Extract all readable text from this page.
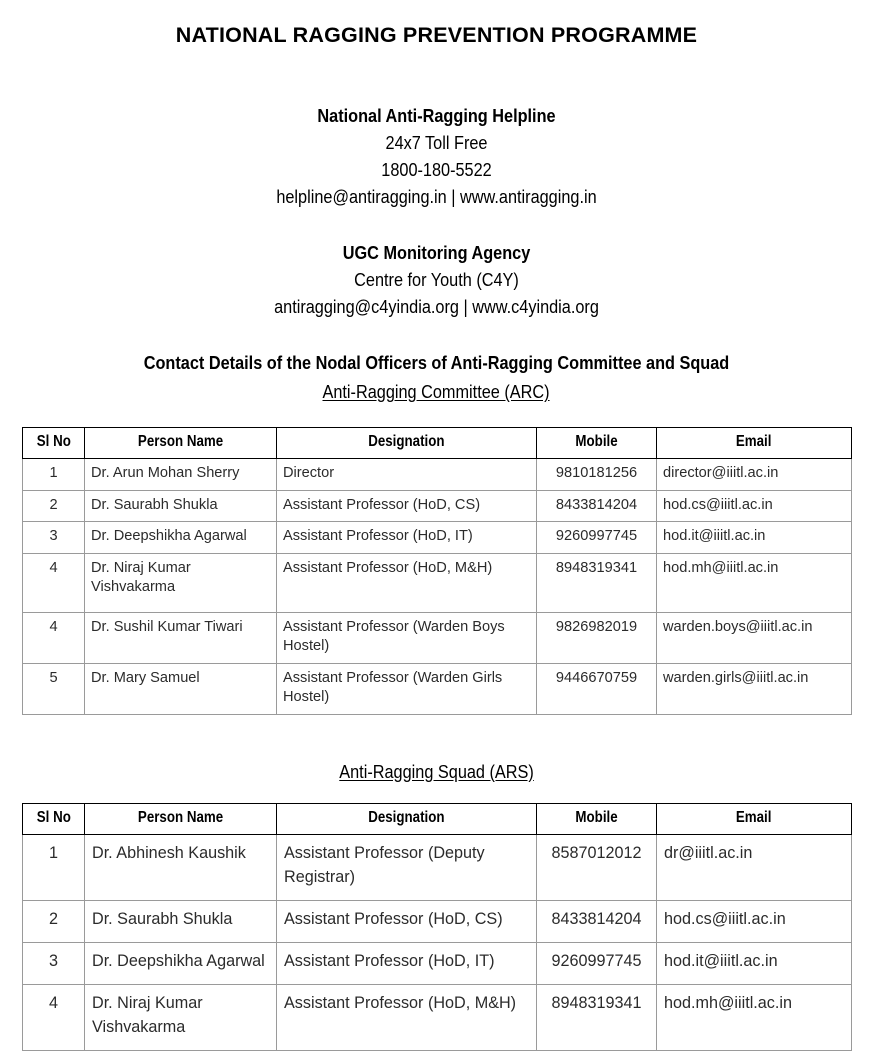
NATIONAL RAGGING PREVENTION PROGRAMME
National Anti-Ragging Helpline
24x7 Toll Free
1800-180-5522
helpline@antiragging.in | www.antiragging.in
UGC Monitoring Agency
Centre for Youth (C4Y)
antiragging@c4yindia.org | www.c4yindia.org
Contact Details of the Nodal Officers of Anti-Ragging Committee and Squad
Anti-Ragging Committee (ARC)
Sl No	Person Name	Designation	Mobile	Email
1	Dr. Arun Mohan Sherry	Director	9810181256	director@iiitl.ac.in
2	Dr. Saurabh Shukla	Assistant Professor (HoD, CS)	8433814204	hod.cs@iiitl.ac.in
3	Dr. Deepshikha Agarwal	Assistant Professor (HoD, IT)	9260997745	hod.it@iiitl.ac.in
4	Dr. Niraj Kumar Vishvakarma	Assistant Professor (HoD, M&H)	8948319341	hod.mh@iiitl.ac.in
4	Dr. Sushil Kumar Tiwari	Assistant Professor (Warden Boys Hostel)	9826982019	warden.boys@iiitl.ac.in
5	Dr. Mary Samuel	Assistant Professor (Warden Girls Hostel)	9446670759	warden.girls@iiitl.ac.in
Anti-Ragging Squad (ARS)
Sl No	Person Name	Designation	Mobile	Email
1	Dr. Abhinesh Kaushik	Assistant Professor (Deputy Registrar)	8587012012	dr@iiitl.ac.in
2	Dr. Saurabh Shukla	Assistant Professor (HoD, CS)	8433814204	hod.cs@iiitl.ac.in
3	Dr. Deepshikha Agarwal	Assistant Professor (HoD, IT)	9260997745	hod.it@iiitl.ac.in
4	Dr. Niraj Kumar Vishvakarma	Assistant Professor (HoD, M&H)	8948319341	hod.mh@iiitl.ac.in
